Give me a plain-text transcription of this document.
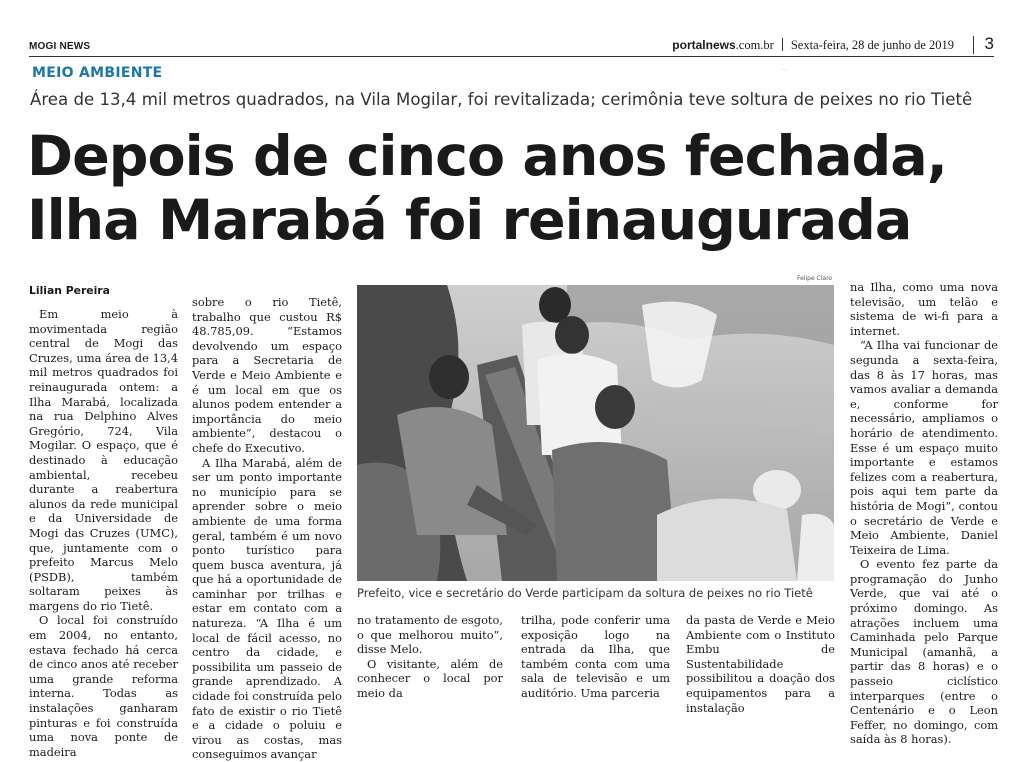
MOGI NEWS	portalnews.com.br Sexta-feira, 28 de junho de 2019 3
·· ·
MEIO AMBIENTE
Área de 13,4 mil metros quadrados, na Vila Mogilar, foi revitalizada; cerimônia teve soltura de peixes no rio Tietê
Depois de cinco anos fechada,
Ilha Marabá foi reinaugurada
Lilian Pereira

Em meio à movimentada região central de Mogi das Cruzes, uma área de 13,4 mil metros quadrados foi reinaugurada ontem: a Ilha Marabá, localizada na rua Delphino Alves Gregório, 724, Vila Mogilar. O espaço, que é destinado à educação ambiental, recebeu durante a reabertura alunos da rede municipal e da Universidade de Mogi das Cruzes (UMC), que, juntamente com o prefeito Marcus Melo (PSDB), também soltaram peixes às margens do rio Tietê.

O local foi construído em 2004, no entanto, estava fechado há cerca de cinco anos até receber uma grande reforma interna. Todas as instalações ganharam pinturas e foi construída uma nova ponte de madeira

sobre o rio Tietê, trabalho que custou R$ 48.785,09. “Estamos devolvendo um espaço para a Secretaria de Verde e Meio Ambiente e é um local em que os alunos podem entender a importância do meio ambiente”, destacou o chefe do Executivo.

A Ilha Marabá, além de ser um ponto importante no município para se aprender sobre o meio ambiente de uma forma geral, também é um novo ponto turístico para quem busca aventura, já que há a oportunidade de caminhar por trilhas e estar em contato com a natureza. “A Ilha é um local de fácil acesso, no centro da cidade, e possibilita um passeio de grande aprendizado. A cidade foi construída pelo fato de existir o rio Tietê e a cidade o poluiu e virou as costas, mas conseguimos avançar

Felipe Claro
Prefeito, vice e secretário do Verde participam da soltura de peixes no rio Tietê

no tratamento de esgoto, o que melhorou muito”, disse Melo.

O visitante, além de conhecer o local por meio da

trilha, pode conferir uma exposição logo na entrada da Ilha, que também conta com uma sala de televisão e um auditório. Uma parceria

da pasta de Verde e Meio Ambiente com o Instituto Embu de Sustentabilidade possibilitou a doação dos equipamentos para a instalação

na Ilha, como uma nova televisão, um telão e sistema de wi-fi para a internet.

“A Ilha vai funcionar de segunda a sexta-feira, das 8 às 17 horas, mas vamos avaliar a demanda e, conforme for necessário, ampliamos o horário de atendimento. Esse é um espaço muito importante e estamos felizes com a reabertura, pois aqui tem parte da história de Mogi”, contou o secretário de Verde e Meio Ambiente, Daniel Teixeira de Lima.

O evento fez parte da programação do Junho Verde, que vai até o próximo domingo. As atrações incluem uma Caminhada pelo Parque Municipal (amanhã, a partir das 8 horas) e o passeio ciclístico interparques (entre o Centenário e o Leon Feffer, no domingo, com saída às 8 horas).
